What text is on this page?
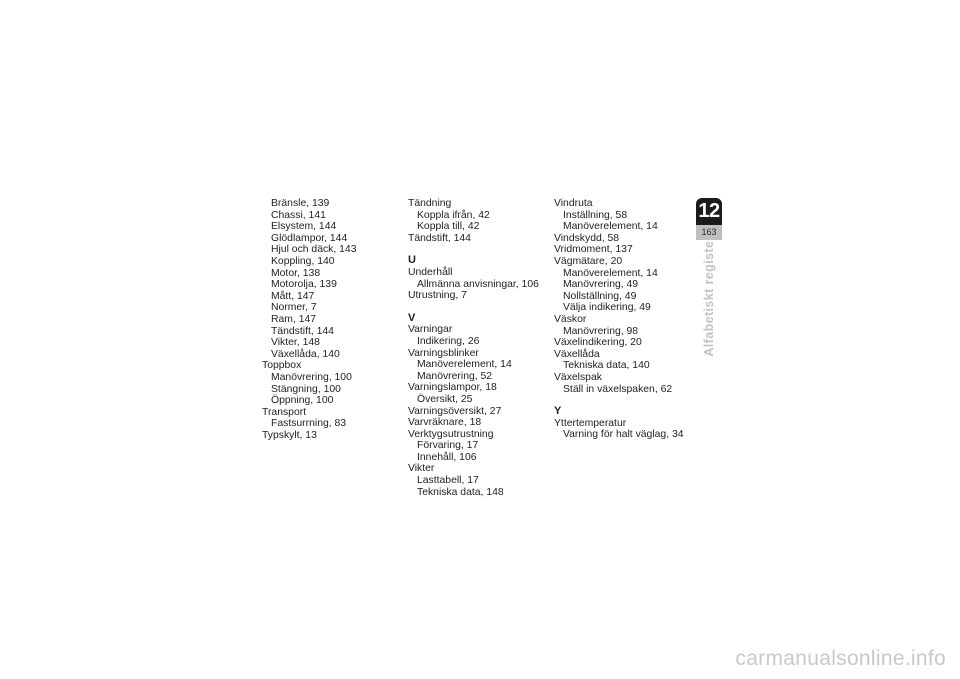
Bränsle, 139
Chassi, 141
Elsystem, 144
Glödlampor, 144
Hjul och däck, 143
Koppling, 140
Motor, 138
Motorolja, 139
Mått, 147
Normer, 7
Ram, 147
Tändstift, 144
Vikter, 148
Växellåda, 140
Toppbox
Manövrering, 100
Stängning, 100
Öppning, 100
Transport
Fastsurrning, 83
Typskylt, 13
Tändning
Koppla ifrån, 42
Koppla till, 42
Tändstift, 144
U
Underhåll
Allmänna anvisningar, 106
Utrustning, 7
V
Varningar
Indikering, 26
Varningsblinker
Manöverelement, 14
Manövrering, 52
Varningslampor, 18
Översikt, 25
Varningsöversikt, 27
Varvräknare, 18
Verktygsutrustning
Förvaring, 17
Innehåll, 106
Vikter
Lasttabell, 17
Tekniska data, 148
Vindruta
Inställning, 58
Manöverelement, 14
Vindskydd, 58
Vridmoment, 137
Vägmätare, 20
Manöverelement, 14
Manövrering, 49
Nollställning, 49
Välja indikering, 49
Väskor
Manövrering, 98
Växelindikering, 20
Växellåda
Tekniska data, 140
Växelspak
Ställ in växelspaken, 62
Y
Yttertemperatur
Varning för halt väglag, 34
12
163
Alfabetiskt register
carmanualsonline.info
